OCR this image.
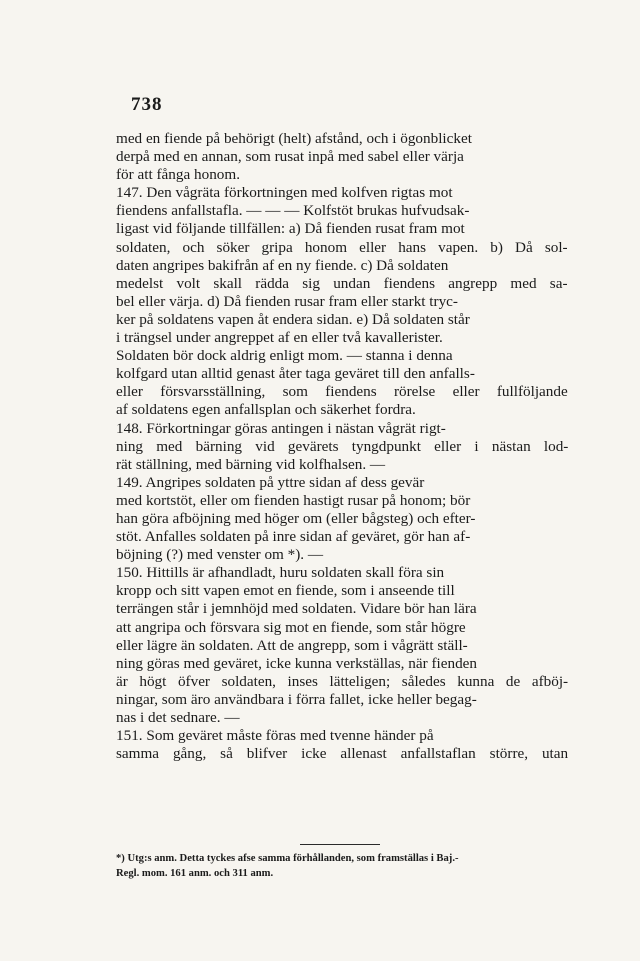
738
med en fiende på behörigt (helt) afstånd, och i ögonblicket
derpå med en annan, som rusat inpå med sabel eller värja
för att fånga honom.
147. Den vågräta förkortningen med kolfven rigtas mot
fiendens anfallstafla. — — — Kolfstöt brukas hufvudsak-
ligast vid följande tillfällen: a) Då fienden rusat fram mot
soldaten, och söker gripa honom eller hans vapen. b) Då sol-
daten angripes bakifrån af en ny fiende. c) Då soldaten
medelst volt skall rädda sig undan fiendens angrepp med sa-
bel eller värja. d) Då fienden rusar fram eller starkt tryc-
ker på soldatens vapen åt endera sidan. e) Då soldaten står
i trängsel under angreppet af en eller två kavallerister.
Soldaten bör dock aldrig enligt mom. — stanna i denna
kolfgard utan alltid genast åter taga geväret till den anfalls-
eller försvarsställning, som fiendens rörelse eller fullföljande
af soldatens egen anfallsplan och säkerhet fordra.
148. Förkortningar göras antingen i nästan vågrät rigt-
ning med bärning vid gevärets tyngdpunkt eller i nästan lod-
rät ställning, med bärning vid kolfhalsen. —
149. Angripes soldaten på yttre sidan af dess gevär
med kortstöt, eller om fienden hastigt rusar på honom; bör
han göra afböjning med höger om (eller bågsteg) och efter-
stöt. Anfalles soldaten på inre sidan af geväret, gör han af-
böjning (?) med venster om *). —
150. Hittills är afhandladt, huru soldaten skall föra sin
kropp och sitt vapen emot en fiende, som i anseende till
terrängen står i jemnhöjd med soldaten. Vidare bör han lära
att angripa och försvara sig mot en fiende, som står högre
eller lägre än soldaten. Att de angrepp, som i vågrätt ställ-
ning göras med geväret, icke kunna verkställas, när fienden
är högt öfver soldaten, inses lätteligen; således kunna de afböj-
ningar, som äro användbara i förra fallet, icke heller begag-
nas i det sednare. —
151. Som geväret måste föras med tvenne händer på
samma gång, så blifver icke allenast anfallstaflan större, utan
*) Utg:s anm. Detta tyckes afse samma förhållanden, som framställas i Baj.-
Regl. mom. 161 anm. och 311 anm.
